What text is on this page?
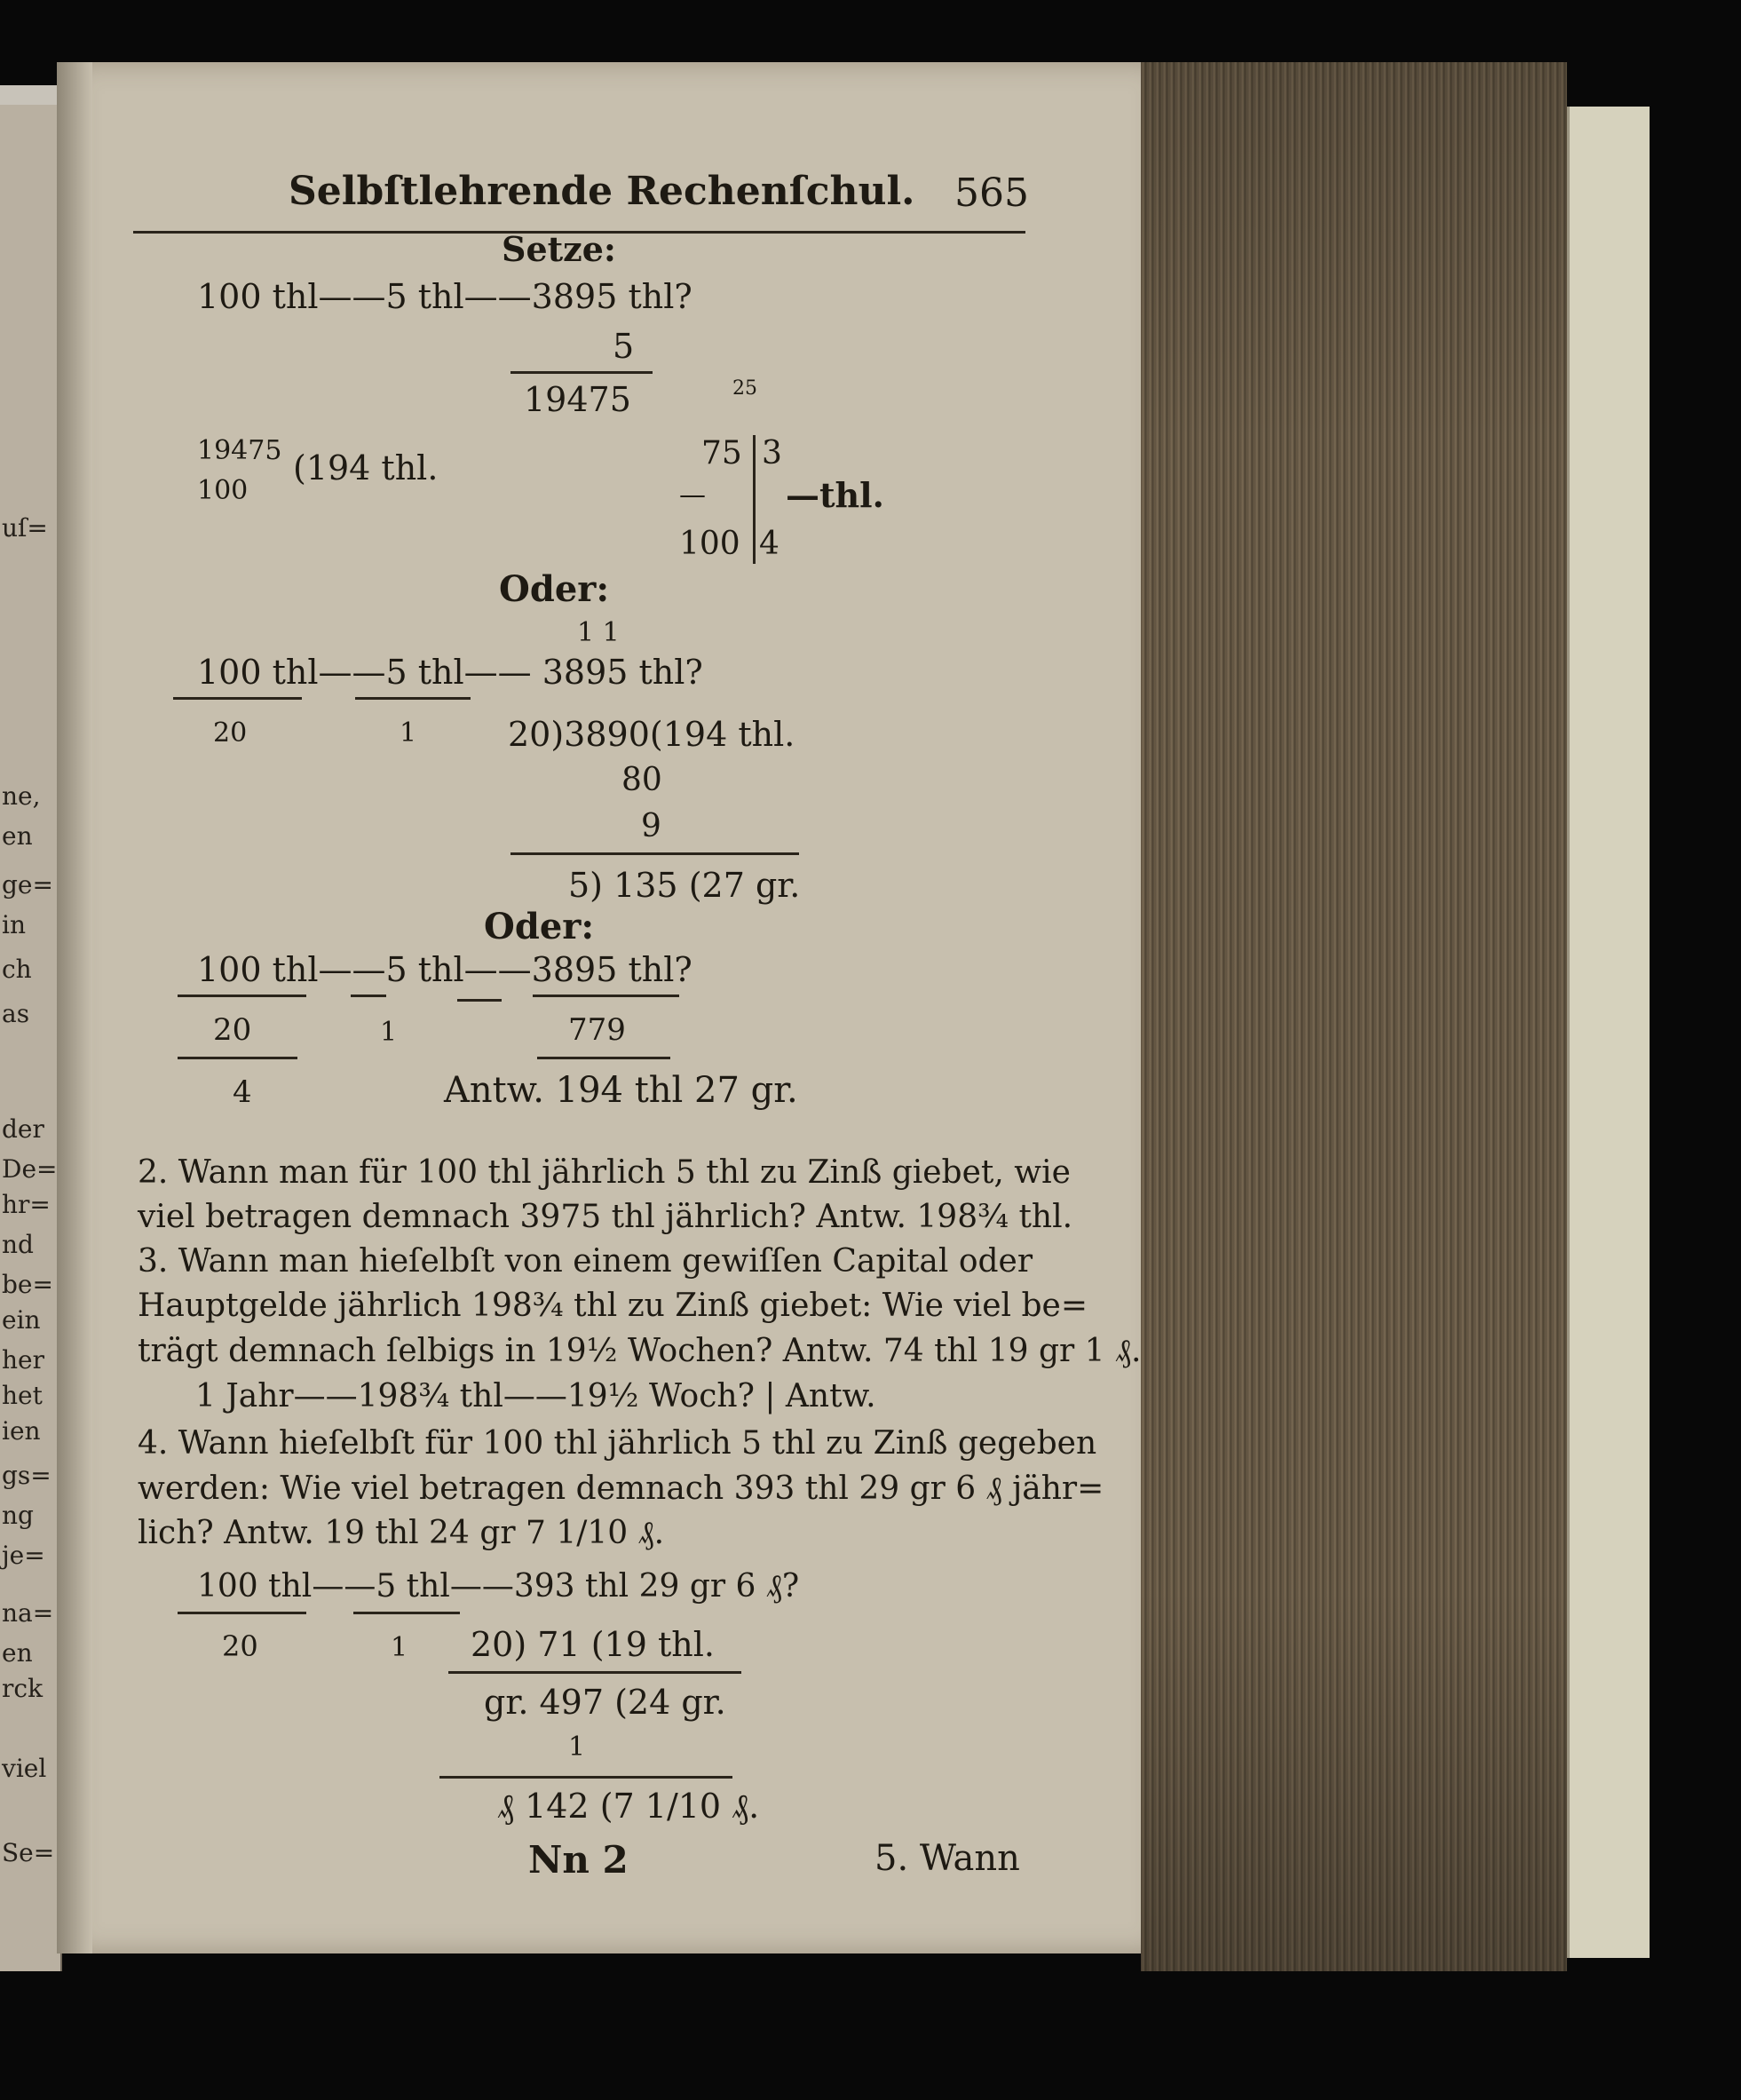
uſ=
ne,
en
ge=
in
ch
as
der
De=
hr=
nd
be=
ein
her
het
ien
gs=
ng
je=
na=
en
rck
viel
Se=
Selbſtlehrende Rechenſchul. 565
Setze:
100 thl——5 thl——3895 thl?
5
19475	25
19475
100
(194 thl.	75 3
— —thl.
100 4
Oder:
1 1
100 thl——5 thl—— 3895 thl?
20	1	20)3890(194 thl.
80
9
5) 135 (27 gr.
Oder:
100 thl——5 thl——3895 thl?
20	1	779
4	Antw. 194 thl 27 gr.
2. Wann man für 100 thl jährlich 5 thl zu Zinß giebet, wie
viel betragen demnach 3975 thl jährlich? Antw. 198¾ thl.
3. Wann man hieſelbſt von einem gewiſſen Capital oder
Hauptgelde jährlich 198¾ thl zu Zinß giebet: Wie viel be=
trägt demnach ſelbigs in 19½ Wochen? Antw. 74 thl 19 gr 1 ₰.
1 Jahr——198¾ thl——19½ Woch? | Antw.
4. Wann hieſelbſt für 100 thl jährlich 5 thl zu Zinß gegeben
werden: Wie viel betragen demnach 393 thl 29 gr 6 ₰ jähr=
lich? Antw. 19 thl 24 gr 7 1/10 ₰.
100 thl——5 thl——393 thl 29 gr 6 ₰?
20	1 20) 71 (19 thl.
gr. 497 (24 gr.
1
₰ 142 (7 1/10 ₰.
Nn 2	5. Wann
